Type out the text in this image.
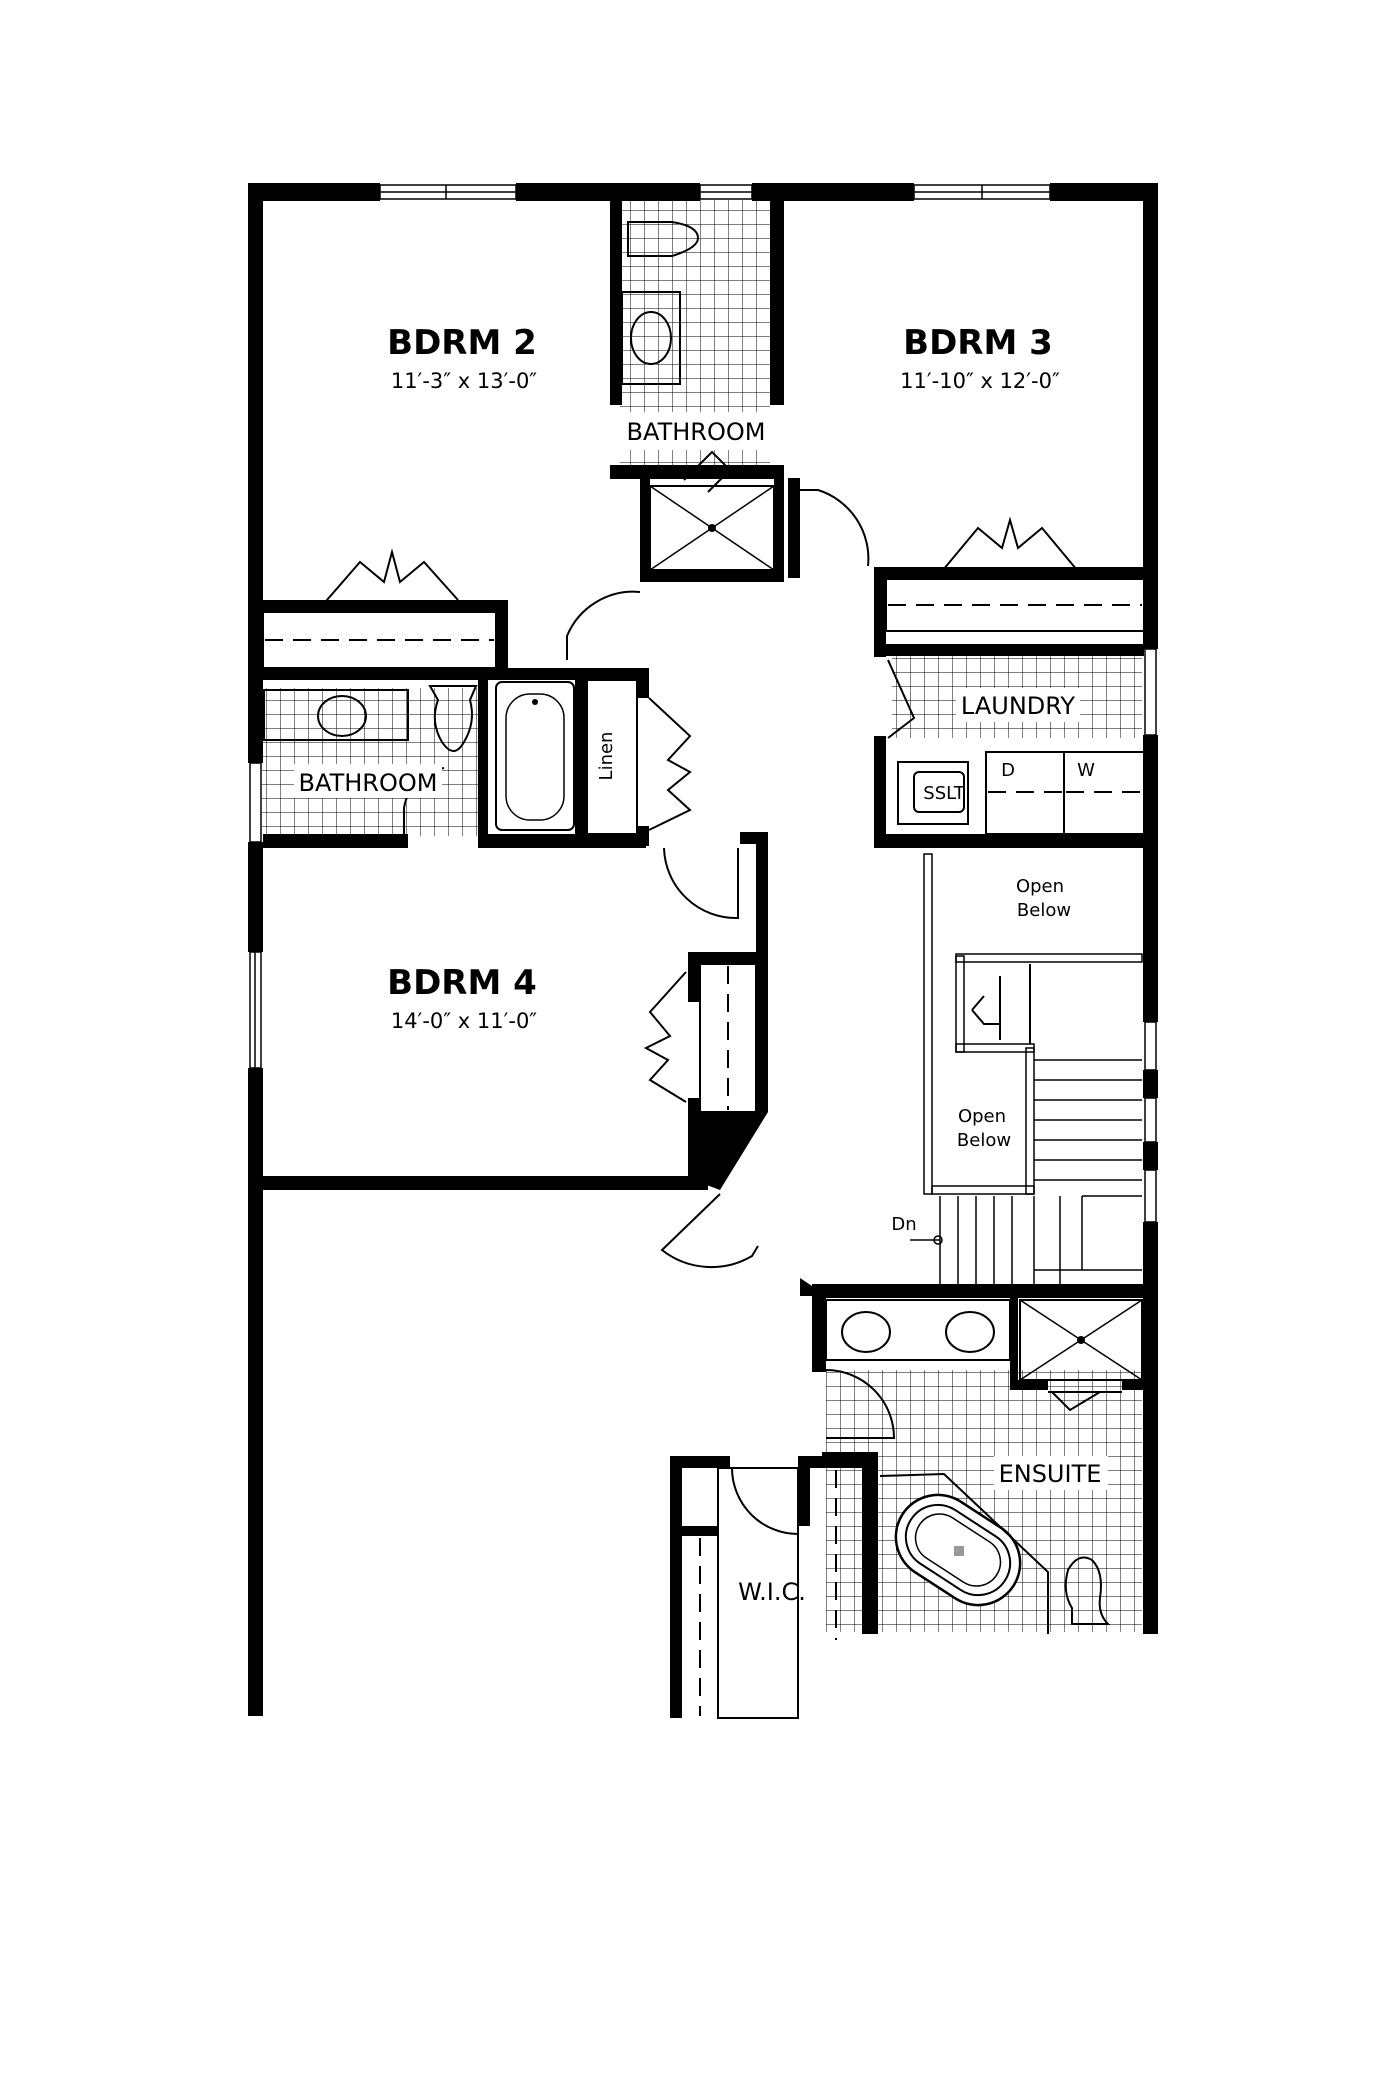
BDRM 2
11′-3″ x 13′-0″
BDRM 3
11′-10″ x 12′-0″
BDRM 4
14′-0″ x 11′-0″
BATHROOM
BATHROOM
LAUNDRY
ENSUITE
W.I.C.
Linen
SSLT
D	W
Open
Below
Open
Below
Dn
